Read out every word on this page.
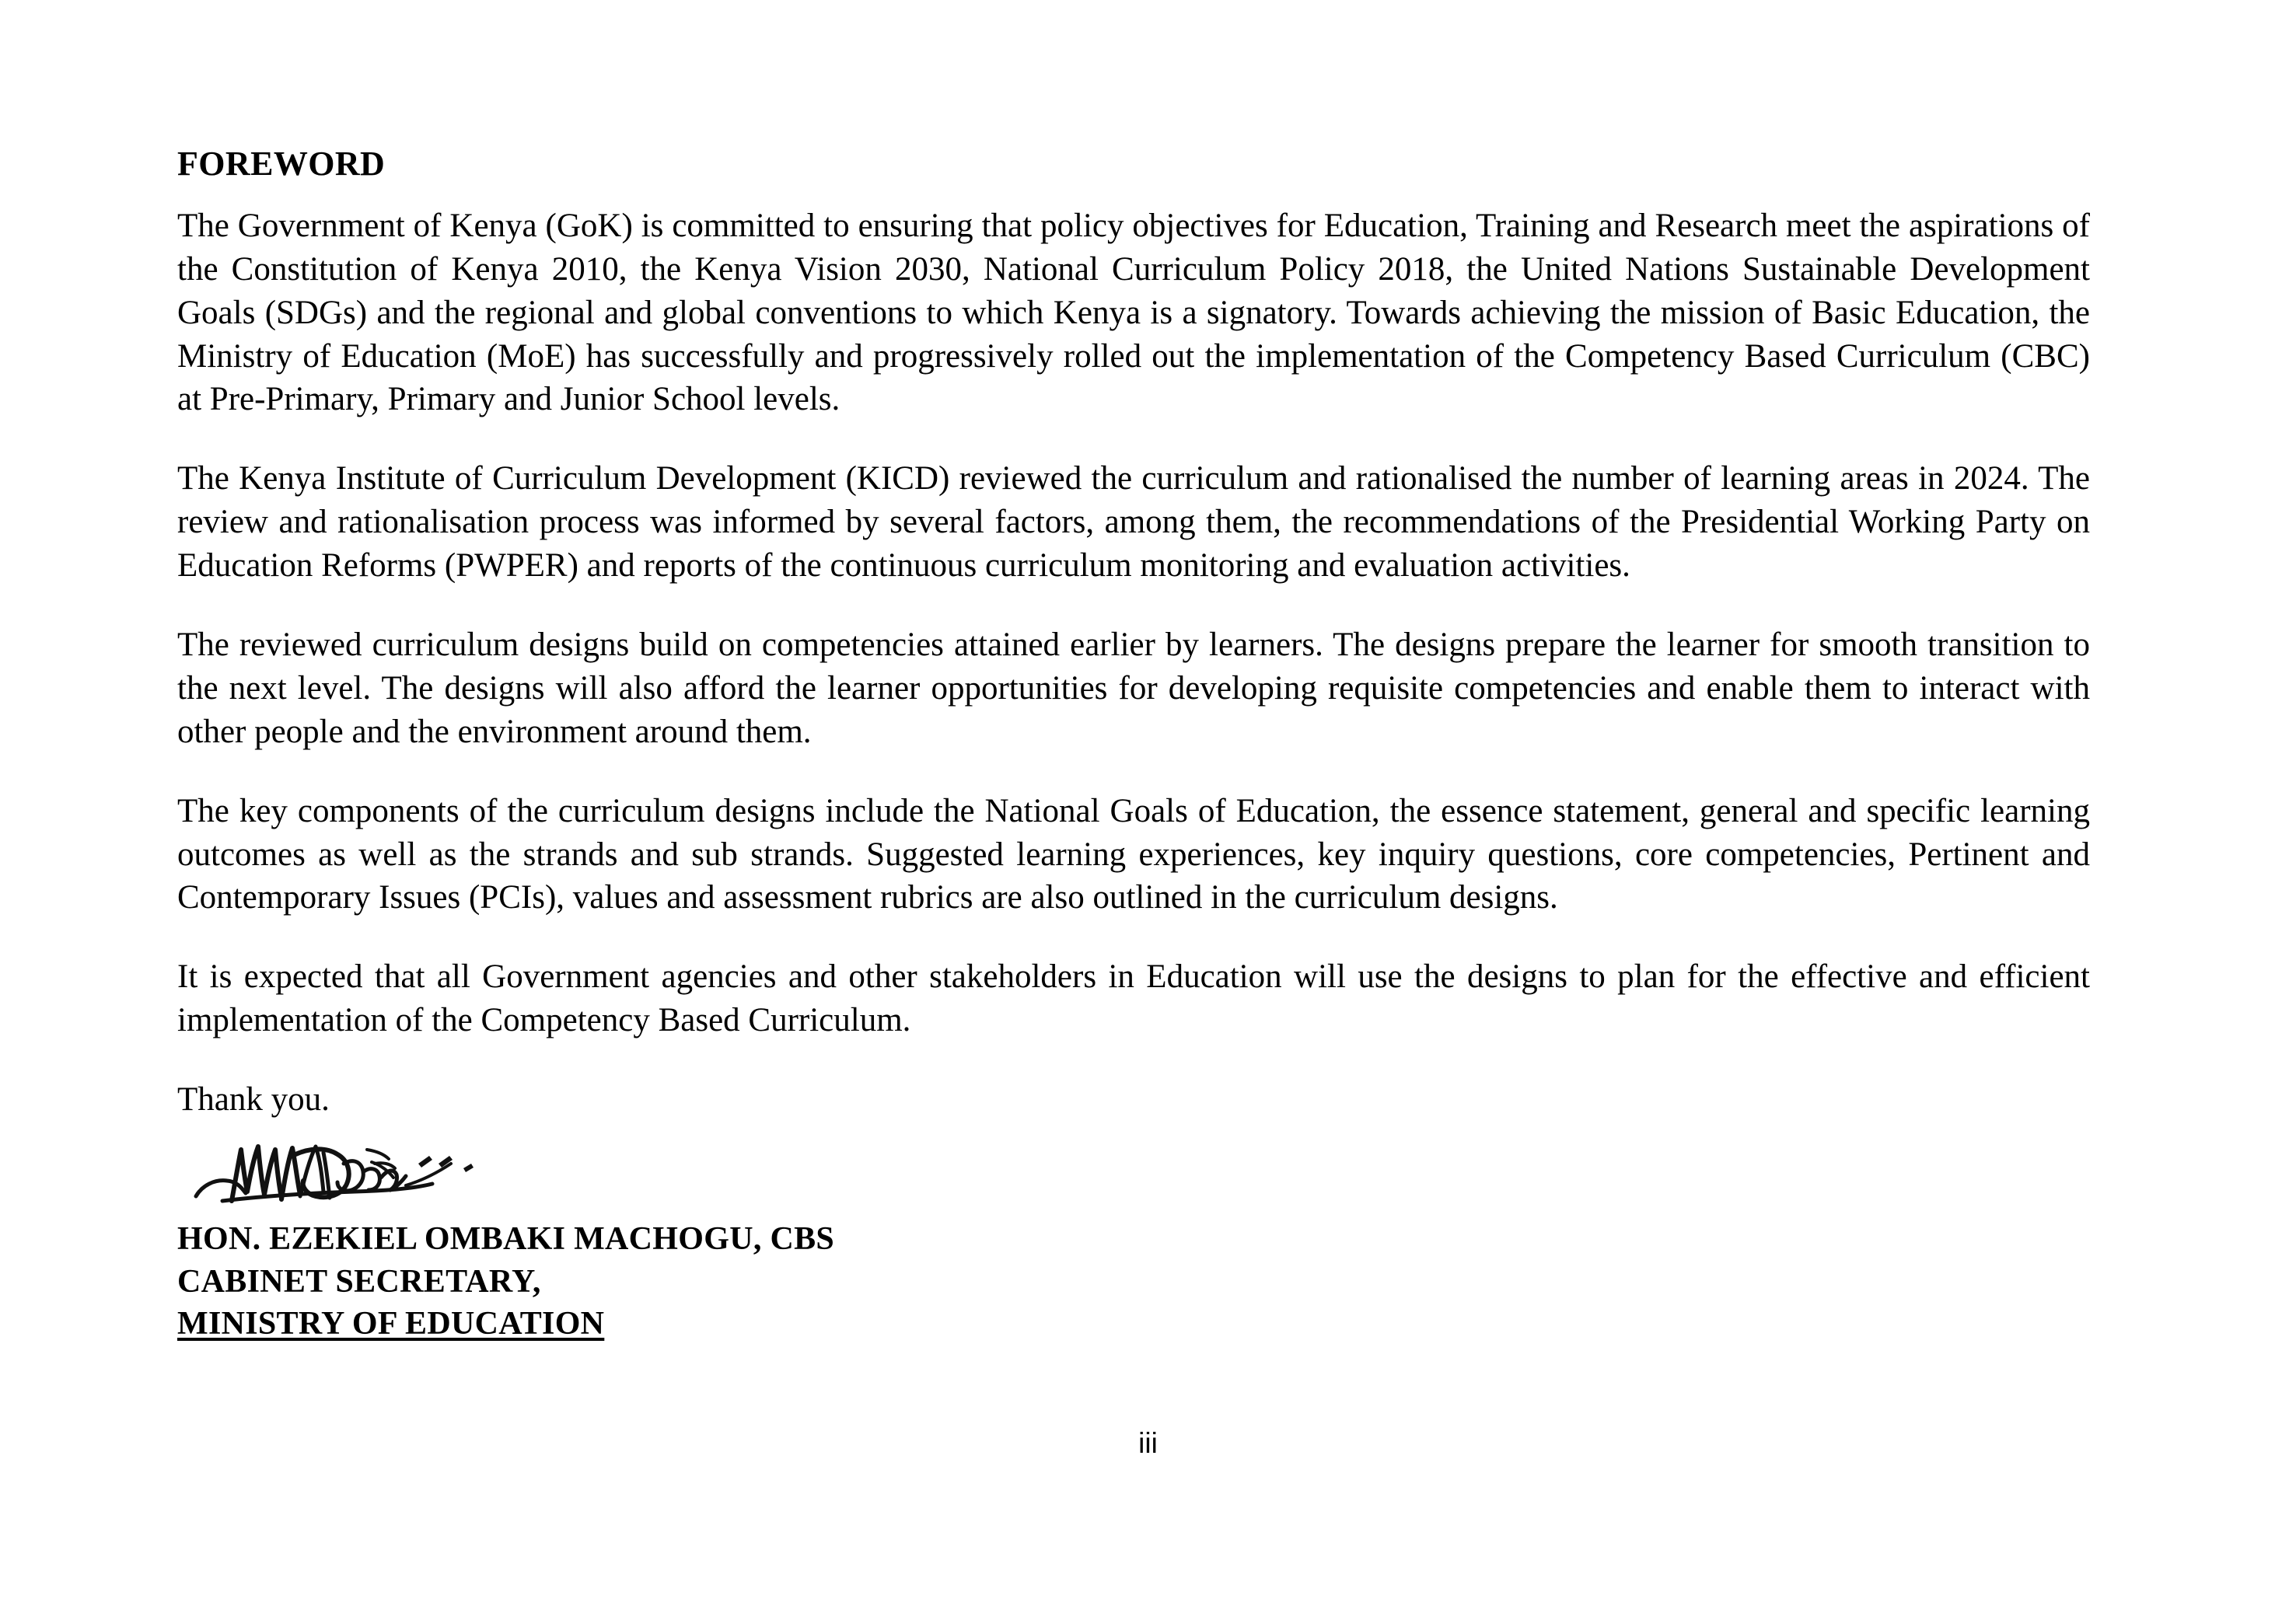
FOREWORD

The Government of Kenya (GoK) is committed to ensuring that policy objectives for Education, Training and Research meet the aspirations of the Constitution of Kenya 2010, the Kenya Vision 2030, National Curriculum Policy 2018, the United Nations Sustainable Development Goals (SDGs) and the regional and global conventions to which Kenya is a signatory. Towards achieving the mission of Basic Education, the Ministry of Education (MoE) has successfully and progressively rolled out the implementation of the Competency Based Curriculum (CBC) at Pre-Primary, Primary and Junior School levels.

The Kenya Institute of Curriculum Development (KICD) reviewed the curriculum and rationalised the number of learning areas in 2024. The review and rationalisation process was informed by several factors, among them, the recommendations of the Presidential Working Party on Education Reforms (PWPER) and reports of the continuous curriculum monitoring and evaluation activities.

The reviewed curriculum designs build on competencies attained earlier by learners. The designs prepare the learner for smooth transition to the next level. The designs will also afford the learner opportunities for developing requisite competencies and enable them to interact with other people and the environment around them.

The key components of the curriculum designs include the National Goals of Education, the essence statement, general and specific learning outcomes as well as the strands and sub strands. Suggested learning experiences, key inquiry questions, core competencies, Pertinent and Contemporary Issues (PCIs), values and assessment rubrics are also outlined in the curriculum designs.

It is expected that all Government agencies and other stakeholders in Education will use the designs to plan for the effective and efficient implementation of the Competency Based Curriculum.

Thank you.

HON. EZEKIEL OMBAKI MACHOGU, CBS
CABINET SECRETARY,
MINISTRY OF EDUCATION
iii
